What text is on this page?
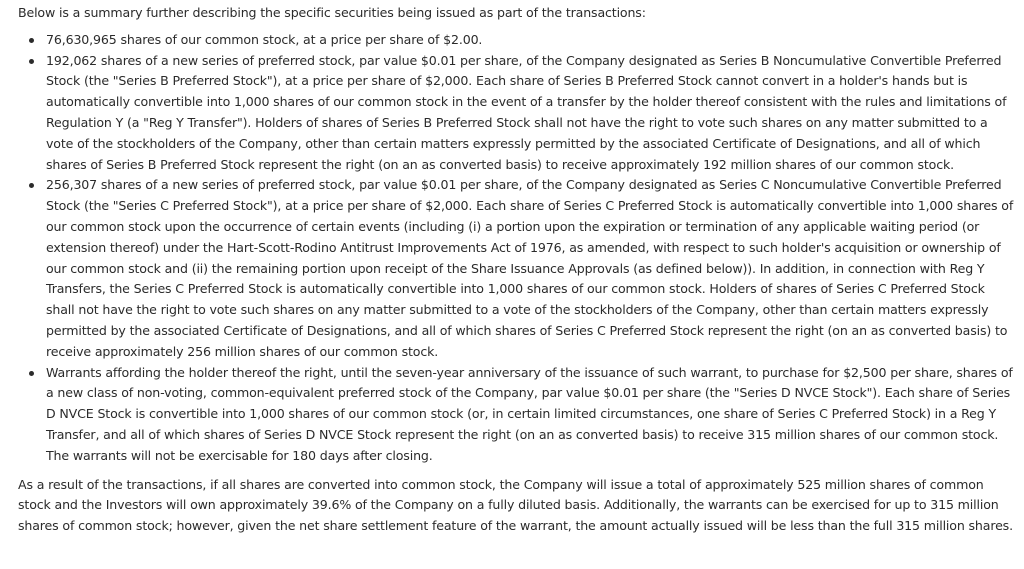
Below is a summary further describing the specific securities being issued as part of the transactions:

76,630,965 shares of our common stock, at a price per share of $2.00.
192,062 shares of a new series of preferred stock, par value $0.01 per share, of the Company designated as Series B Noncumulative Convertible Preferred Stock (the "Series B Preferred Stock"), at a price per share of $2,000. Each share of Series B Preferred Stock cannot convert in a holder's hands but is automatically convertible into 1,000 shares of our common stock in the event of a transfer by the holder thereof consistent with the rules and limitations of Regulation Y (a "Reg Y Transfer"). Holders of shares of Series B Preferred Stock shall not have the right to vote such shares on any matter submitted to a vote of the stockholders of the Company, other than certain matters expressly permitted by the associated Certificate of Designations, and all of which shares of Series B Preferred Stock represent the right (on an as converted basis) to receive approximately 192 million shares of our common stock.
256,307 shares of a new series of preferred stock, par value $0.01 per share, of the Company designated as Series C Noncumulative Convertible Preferred Stock (the "Series C Preferred Stock"), at a price per share of $2,000. Each share of Series C Preferred Stock is automatically convertible into 1,000 shares of our common stock upon the occurrence of certain events (including (i) a portion upon the expiration or termination of any applicable waiting period (or extension thereof) under the Hart-Scott-Rodino Antitrust Improvements Act of 1976, as amended, with respect to such holder's acquisition or ownership of our common stock and (ii) the remaining portion upon receipt of the Share Issuance Approvals (as defined below)). In addition, in connection with Reg Y Transfers, the Series C Preferred Stock is automatically convertible into 1,000 shares of our common stock. Holders of shares of Series C Preferred Stock shall not have the right to vote such shares on any matter submitted to a vote of the stockholders of the Company, other than certain matters expressly permitted by the associated Certificate of Designations, and all of which shares of Series C Preferred Stock represent the right (on an as converted basis) to receive approximately 256 million shares of our common stock.
Warrants affording the holder thereof the right, until the seven-year anniversary of the issuance of such warrant, to purchase for $2,500 per share, shares of a new class of non-voting, common-equivalent preferred stock of the Company, par value $0.01 per share (the "Series D NVCE Stock"). Each share of Series D NVCE Stock is convertible into 1,000 shares of our common stock (or, in certain limited circumstances, one share of Series C Preferred Stock) in a Reg Y Transfer, and all of which shares of Series D NVCE Stock represent the right (on an as converted basis) to receive 315 million shares of our common stock. The warrants will not be exercisable for 180 days after closing.

As a result of the transactions, if all shares are converted into common stock, the Company will issue a total of approximately 525 million shares of common stock and the Investors will own approximately 39.6% of the Company on a fully diluted basis. Additionally, the warrants can be exercised for up to 315 million shares of common stock; however, given the net share settlement feature of the warrant, the amount actually issued will be less than the full 315 million shares.
